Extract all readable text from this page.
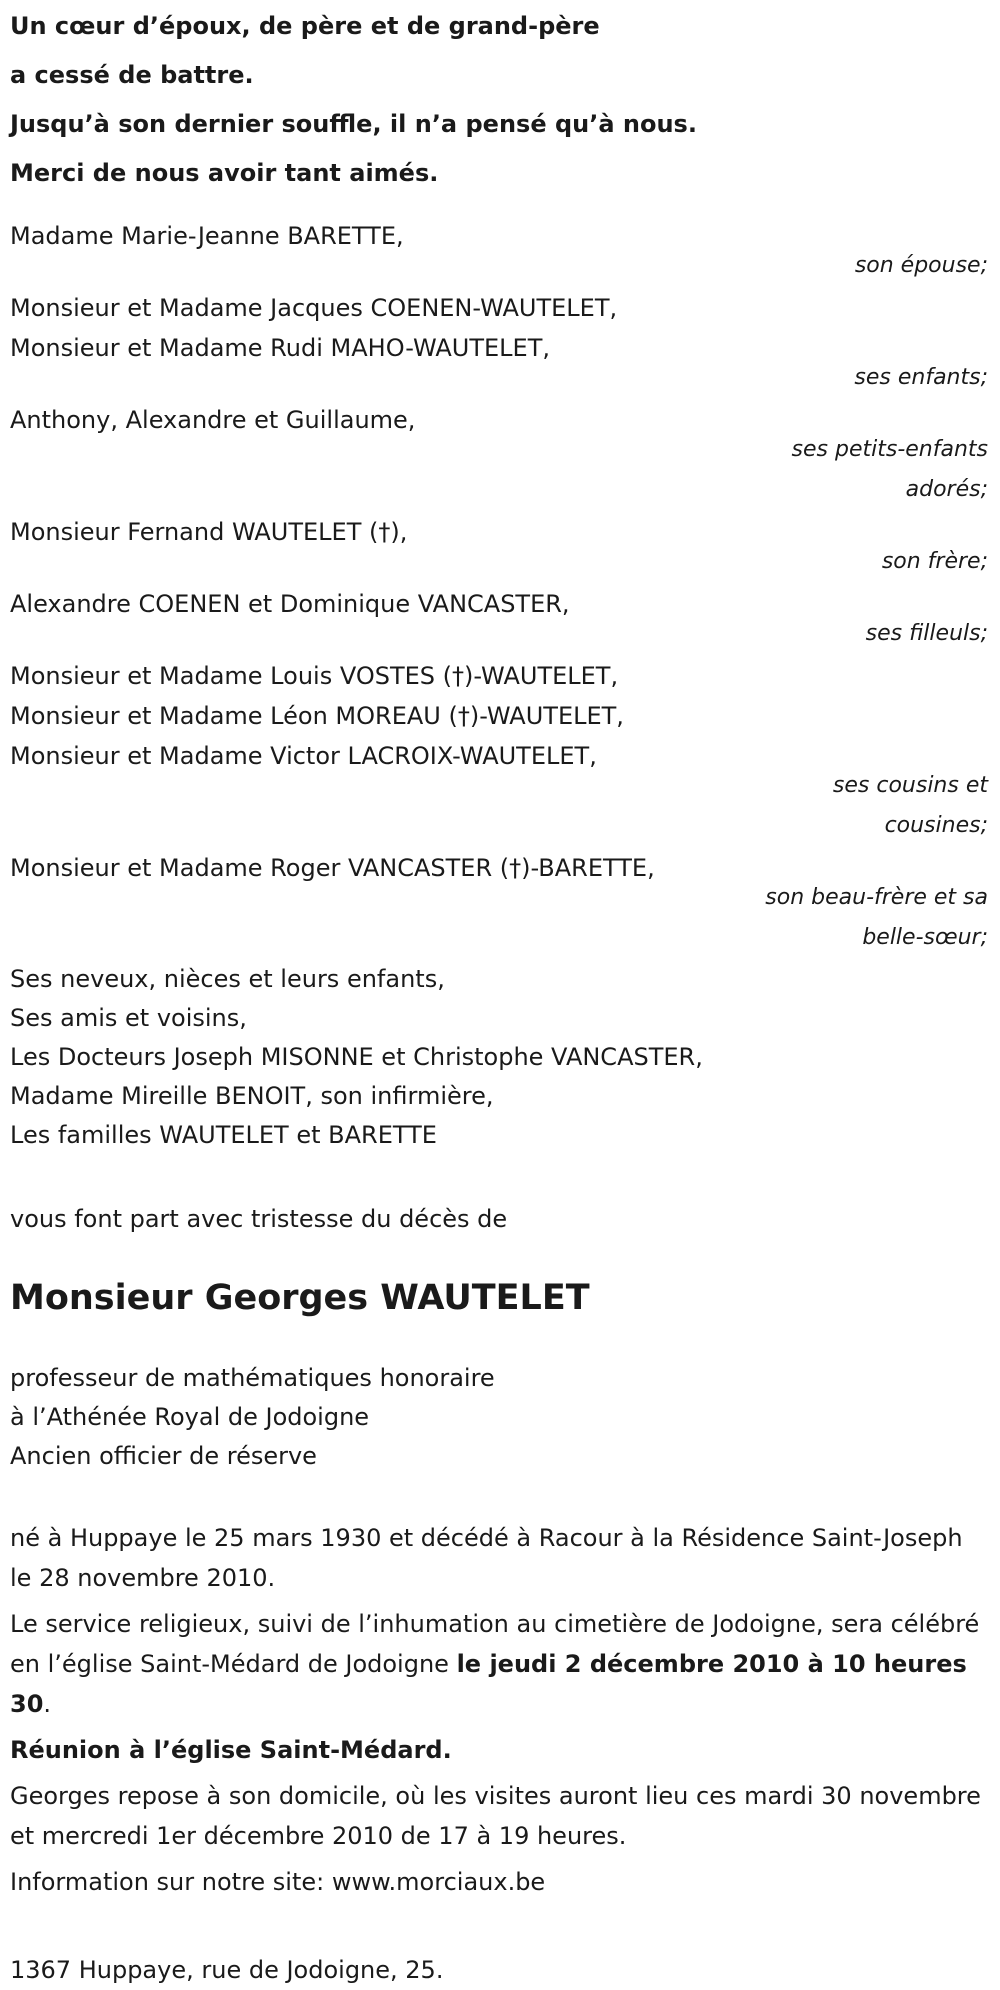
Un cœur d’époux, de père et de grand-père
a cessé de battre.
Jusqu’à son dernier souffle, il n’a pensé qu’à nous.
Merci de nous avoir tant aimés.
Madame Marie-Jeanne BARETTE,
son épouse;
Monsieur et Madame Jacques COENEN-WAUTELET,
Monsieur et Madame Rudi MAHO-WAUTELET,
ses enfants;
Anthony, Alexandre et Guillaume,
ses petits-enfants
adorés;
Monsieur Fernand WAUTELET (†),
son frère;
Alexandre COENEN et Dominique VANCASTER,
ses filleuls;
Monsieur et Madame Louis VOSTES (†)-WAUTELET,
Monsieur et Madame Léon MOREAU (†)-WAUTELET,
Monsieur et Madame Victor LACROIX-WAUTELET,
ses cousins et
cousines;
Monsieur et Madame Roger VANCASTER (†)-BARETTE,
son beau-frère et sa
belle-sœur;
Ses neveux, nièces et leurs enfants,
Ses amis et voisins,
Les Docteurs Joseph MISONNE et Christophe VANCASTER,
Madame Mireille BENOIT, son infirmière,
Les familles WAUTELET et BARETTE
vous font part avec tristesse du décès de
Monsieur Georges WAUTELET
professeur de mathématiques honoraire
à l’Athénée Royal de Jodoigne
Ancien officier de réserve
né à Huppaye le 25 mars 1930 et décédé à Racour à la Résidence Saint-Joseph le 28 novembre 2010.
Le service religieux, suivi de l’inhumation au cimetière de Jodoigne, sera célébré en l’église Saint-Médard de Jodoigne le jeudi 2 décembre 2010 à 10 heures 30.
Réunion à l’église Saint-Médard.
Georges repose à son domicile, où les visites auront lieu ces mardi 30 novembre et mercredi 1er décembre 2010 de 17 à 19 heures.
Information sur notre site: www.morciaux.be
1367 Huppaye, rue de Jodoigne, 25.
